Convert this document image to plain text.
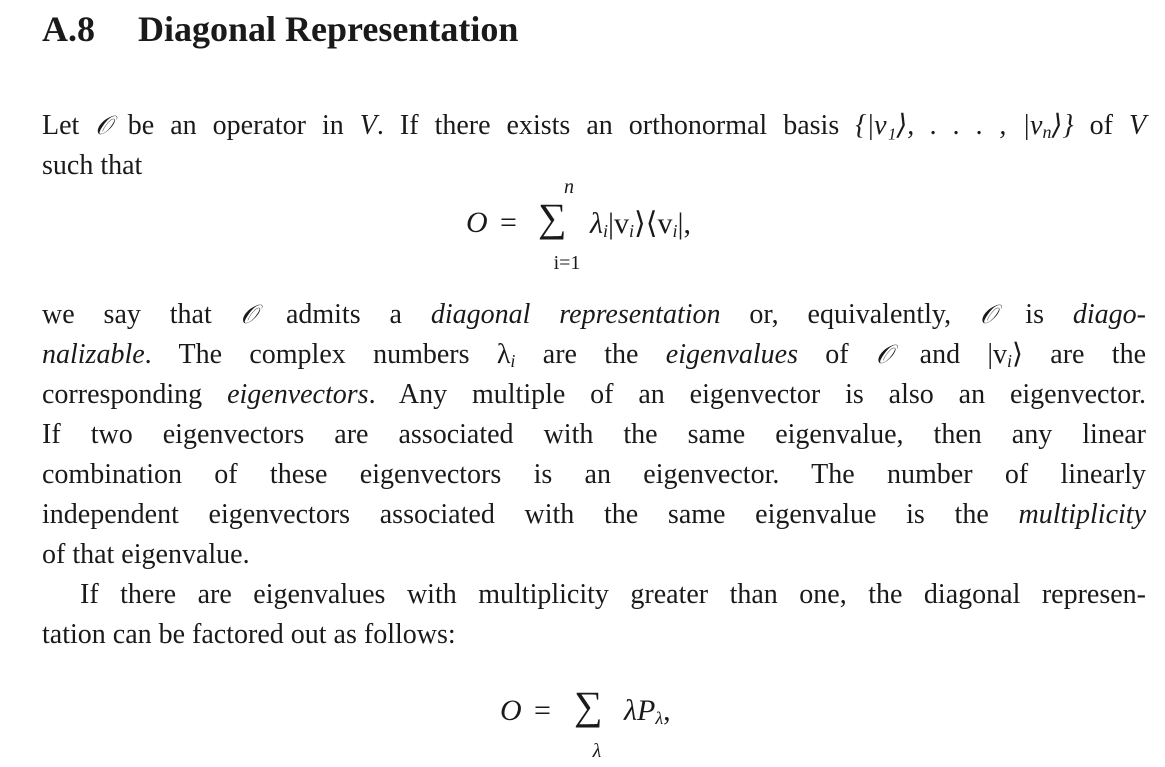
A.8 Diagonal Representation
Let 𝒪 be an operator in V. If there exists an orthonormal basis {|v₁⟩, . . . , $|v_n⟩$} of V
such that
O =
n
∑
i=1
$\lambda_i|v_i⟩⟨v_i|$,
we say that 𝒪 admits a diagonal representation or, equivalently, 𝒪 is diago-
nalizable. The complex numbers $\lambda_i$ are the eigenvalues of 𝒪 and $|v_i⟩$ are the
corresponding eigenvectors. Any multiple of an eigenvector is also an eigenvector.
If two eigenvectors are associated with the same eigenvalue, then any linear
combination of these eigenvectors is an eigenvector. The number of linearly
independent eigenvectors associated with the same eigenvalue is the multiplicity
of that eigenvalue.
If there are eigenvalues with multiplicity greater than one, the diagonal represen-
tation can be factored out as follows:
O = ∑
λ
$\lambda P_\lambda$,
